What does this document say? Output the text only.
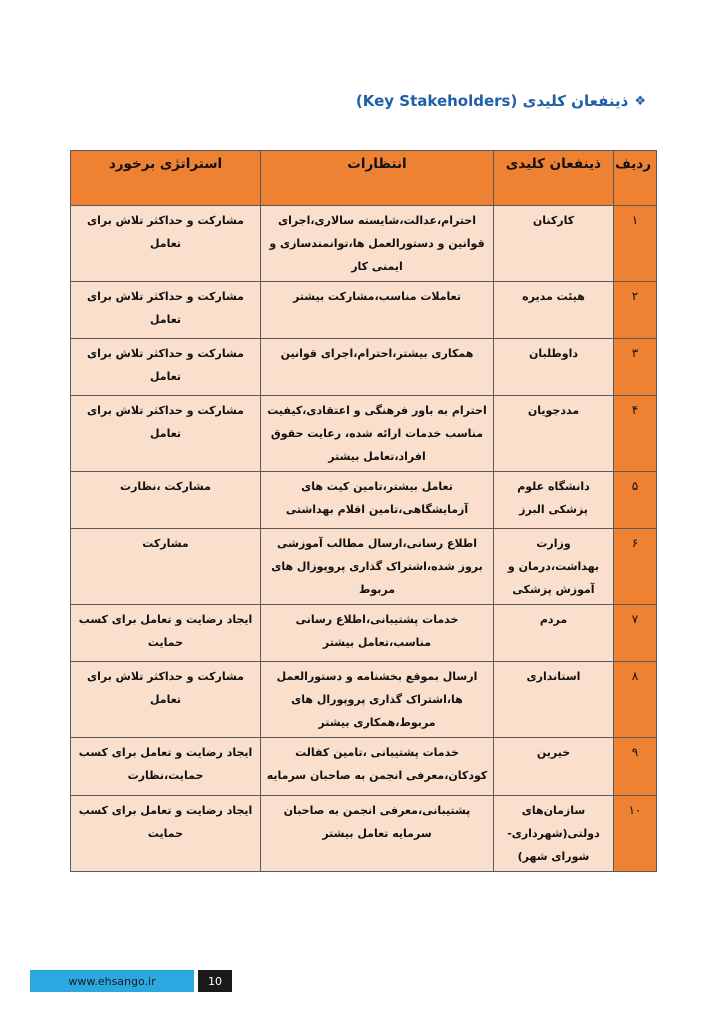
❖
ذینفعان کلیدی (Key Stakeholders)
ردیف	ذینفعان کلیدی	انتظارات	استراتژی برخورد
۱	کارکنان	احترام،عدالت،شایسته سالاری،اجرای قوانین و دستورالعمل ها،توانمندسازی و ایمنی کار	مشارکت و حداکثر تلاش برای تعامل
۲	هیئت مدیره	تعاملات مناسب،مشارکت بیشتر	مشارکت و حداکثر تلاش برای تعامل
۳	داوطلبان	همکاری بیشتر،احترام،اجرای قوانین	مشارکت و حداکثر تلاش برای تعامل
۴	مددجویان	احترام به باور فرهنگی و اعتقادی،کیفیت مناسب خدمات ارائه شده، رعایت حقوق افراد،تعامل بیشتر	مشارکت و حداکثر تلاش برای تعامل
۵	دانشگاه علوم پزشکی البرز	تعامل بیشتر،تامین کیت های آزمایشگاهی،تامین اقلام بهداشتی	مشارکت ،نظارت
۶	وزارت بهداشت،درمان و آموزش پزشکی	اطلاع رسانی،ارسال مطالب آموزشی بروز شده،اشتراک گذاری پروپوزال های مربوط	مشارکت
۷	مردم	خدمات پشتیبانی،اطلاع رسانی مناسب،تعامل بیشتر	ایجاد رضایت و تعامل برای کسب حمایت
۸	استانداری	ارسال بموقع بخشنامه و دستورالعمل ها،اشتراک گذاری پروپورال های مربوط،همکاری بیشتر	مشارکت و حداکثر تلاش برای تعامل
۹	خیرین	خدمات پشتیبانی ،تامین کفالت کودکان،معرفی انجمن به صاحبان سرمایه	ایجاد رضایت و تعامل برای کسب حمایت،نظارت
۱۰	سازمان‌های دولتی(شهرداری-شورای شهر)	پشتیبانی،معرفی انجمن به صاحبان سرمایه تعامل بیشتر	ایجاد رضایت و تعامل برای کسب حمایت
www.ehsango.ir	10
